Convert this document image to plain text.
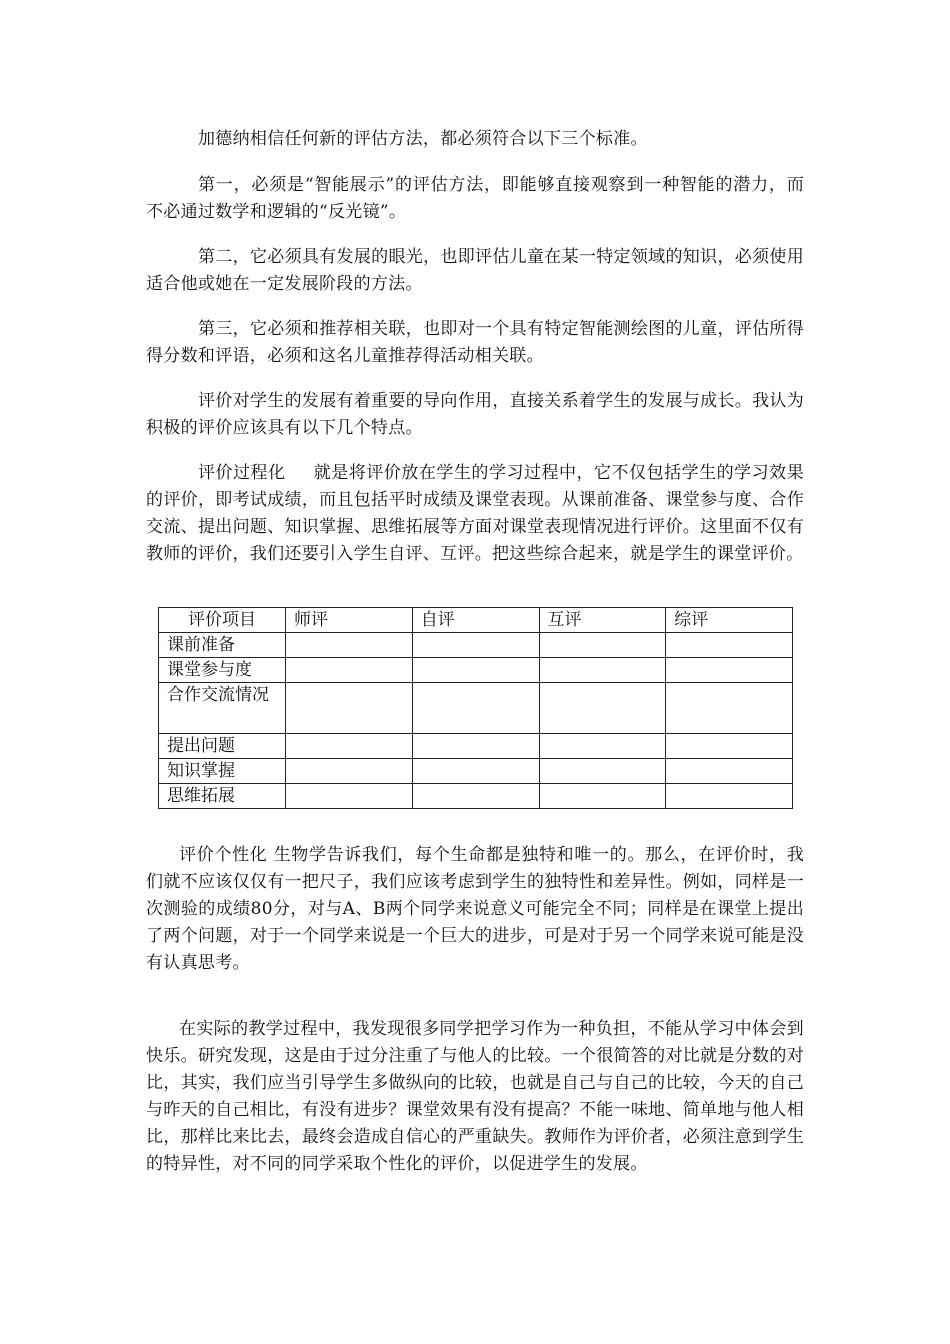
加德纳相信任何新的评估方法，都必须符合以下三个标准。

第一，必须是“智能展示”的评估方法，即能够直接观察到一种智能的潜力，而不必通过数学和逻辑的“反光镜”。

第二，它必须具有发展的眼光，也即评估儿童在某一特定领域的知识，必须使用适合他或她在一定发展阶段的方法。

第三，它必须和推荐相关联，也即对一个具有特定智能测绘图的儿童，评估所得得分数和评语，必须和这名儿童推荐得活动相关联。

评价对学生的发展有着重要的导向作用，直接关系着学生的发展与成长。我认为积极的评价应该具有以下几个特点。

评价过程化 就是将评价放在学生的学习过程中，它不仅包括学生的学习效果的评价，即考试成绩，而且包括平时成绩及课堂表现。从课前准备、课堂参与度、合作交流、提出问题、知识掌握、思维拓展等方面对课堂表现情况进行评价。这里面不仅有教师的评价，我们还要引入学生自评、互评。把这些综合起来，就是学生的课堂评价。

评价项目	师评	自评	互评	综评
课前准备				
课堂参与度				
合作交流情况				
提出问题				
知识掌握				
思维拓展				

评价个性化 生物学告诉我们，每个生命都是独特和唯一的。那么，在评价时，我们就不应该仅仅有一把尺子，我们应该考虑到学生的独特性和差异性。例如，同样是一次测验的成绩80分，对与A、B两个同学来说意义可能完全不同；同样是在课堂上提出了两个问题，对于一个同学来说是一个巨大的进步，可是对于另一个同学来说可能是没有认真思考。

在实际的教学过程中，我发现很多同学把学习作为一种负担，不能从学习中体会到快乐。研究发现，这是由于过分注重了与他人的比较。一个很简答的对比就是分数的对比，其实，我们应当引导学生多做纵向的比较，也就是自己与自己的比较，今天的自己与昨天的自己相比，有没有进步？课堂效果有没有提高？不能一味地、简单地与他人相比，那样比来比去，最终会造成自信心的严重缺失。教师作为评价者，必须注意到学生的特异性，对不同的同学采取个性化的评价，以促进学生的发展。
